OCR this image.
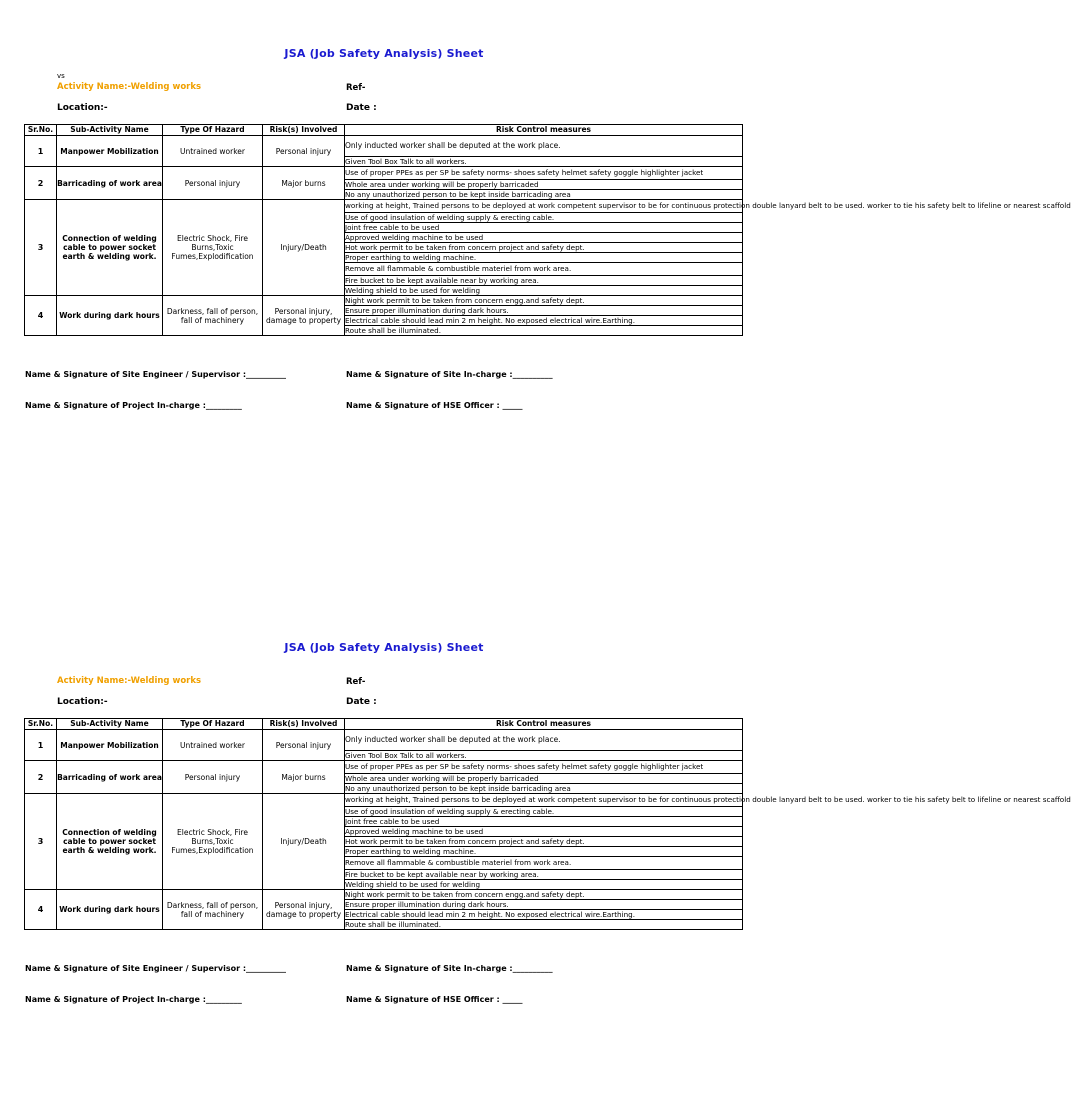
JSA (Job Safety Analysis) Sheet
vs
Activity Name:-Welding works	Ref-
Location:-	Date :
Sr.No.	Sub-Activity Name	Type Of Hazard	Risk(s) Involved	Risk Control measures
1	Manpower Mobilization	Untrained worker	Personal injury	Only inducted worker shall be deputed at the work place.
				Given Tool Box Talk to all workers.
2	Barricading of work area	Personal injury	Major burns	Use of proper PPEs as per SP be safety norms- shoes safety helmet safety goggle highlighter jacket
				Whole area under working will be properly barricaded
				No any unauthorized person to be kept inside barricading area
3	Connection of welding cable to power socket earth & welding work.	Electric Shock, Fire Burns,Toxic Fumes,Explodification	Injury/Death	working at height, Trained persons to be deployed at work competent supervisor to be for continuous protection double lanyard belt to be used. worker to tie his safety belt to lifeline or nearest scaffold
				Use of good insulation of welding supply & erecting cable.
				Joint free cable to be used
				Approved welding machine to be used
				Hot work permit to be taken from concern project and safety dept.
				Proper earthing to welding machine.
				Remove all flammable & combustible materiel from work area.
				Fire bucket to be kept available near by working area.
				Welding shield to be used for welding
4	Work during dark hours	Darkness, fall of person, fall of machinery	Personal injury, damage to property	Night work permit to be taken from concern engg.and safety dept.
				Ensure proper illumination during dark hours.
				Electrical cable should lead min 2 m height. No exposed electrical wire.Earthing.
				Route shall be illuminated.
Name & Signature of Site Engineer / Supervisor :__________	Name & Signature of Site In-charge :__________
Name & Signature of Project In-charge :_________	Name & Signature of HSE Officer : _____
JSA (Job Safety Analysis) Sheet
Activity Name:-Welding works	Ref-
Location:-	Date :
Sr.No.	Sub-Activity Name	Type Of Hazard	Risk(s) Involved	Risk Control measures
1	Manpower Mobilization	Untrained worker	Personal injury	Only inducted worker shall be deputed at the work place.
				Given Tool Box Talk to all workers.
2	Barricading of work area	Personal injury	Major burns	Use of proper PPEs as per SP be safety norms- shoes safety helmet safety goggle highlighter jacket
				Whole area under working will be properly barricaded
				No any unauthorized person to be kept inside barricading area
3	Connection of welding cable to power socket earth & welding work.	Electric Shock, Fire Burns,Toxic Fumes,Explodification	Injury/Death	working at height, Trained persons to be deployed at work competent supervisor to be for continuous protection double lanyard belt to be used. worker to tie his safety belt to lifeline or nearest scaffold
				Use of good insulation of welding supply & erecting cable.
				Joint free cable to be used
				Approved welding machine to be used
				Hot work permit to be taken from concern project and safety dept.
				Proper earthing to welding machine.
				Remove all flammable & combustible materiel from work area.
				Fire bucket to be kept available near by working area.
				Welding shield to be used for welding
4	Work during dark hours	Darkness, fall of person, fall of machinery	Personal injury, damage to property	Night work permit to be taken from concern engg.and safety dept.
				Ensure proper illumination during dark hours.
				Electrical cable should lead min 2 m height. No exposed electrical wire.Earthing.
				Route shall be illuminated.
Name & Signature of Site Engineer / Supervisor :__________	Name & Signature of Site In-charge :__________
Name & Signature of Project In-charge :_________	Name & Signature of HSE Officer : _____
